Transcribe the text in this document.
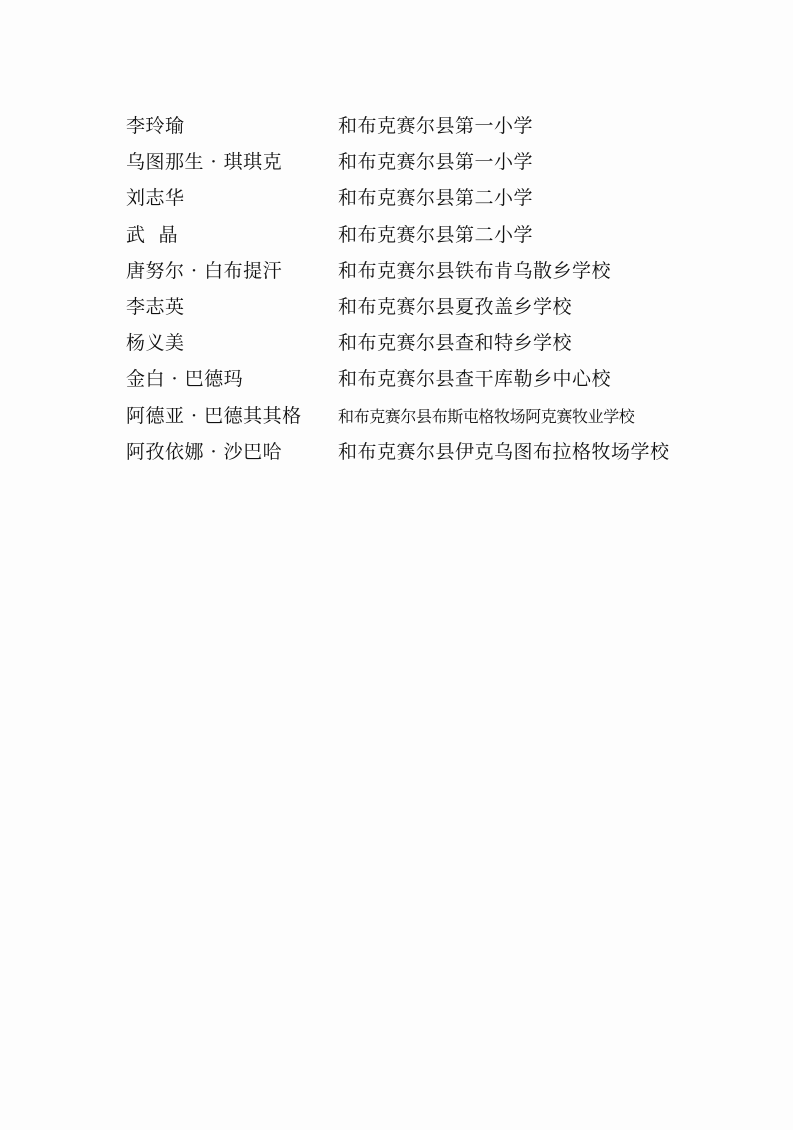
李玲瑜	和布克赛尔县第一小学
乌图那生 · 琪琪克	和布克赛尔县第一小学
刘志华	和布克赛尔县第二小学
武  晶	和布克赛尔县第二小学
唐努尔 · 白布提汗	和布克赛尔县铁布肯乌散乡学校
李志英	和布克赛尔县夏孜盖乡学校
杨义美	和布克赛尔县查和特乡学校
金白 · 巴德玛	和布克赛尔县查干库勒乡中心校
阿德亚 · 巴德其其格 和布克赛尔县布斯屯格牧场阿克赛牧业学校
阿孜依娜 · 沙巴哈	和布克赛尔县伊克乌图布拉格牧场学校
